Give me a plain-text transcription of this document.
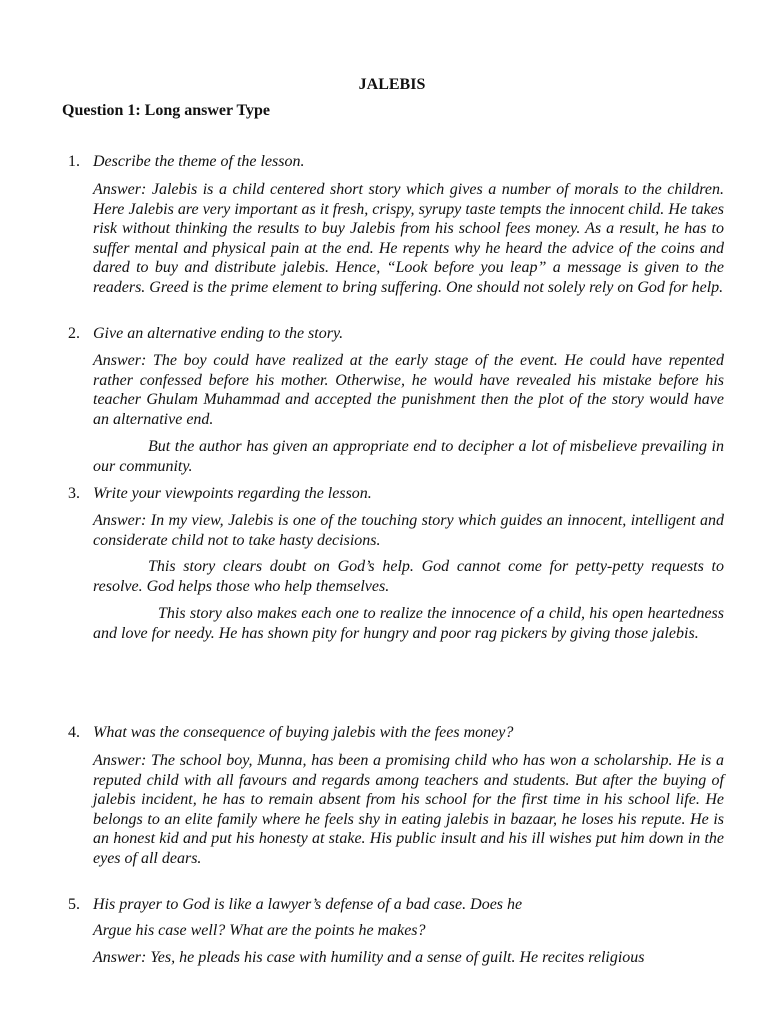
JALEBIS
Question 1: Long answer Type
1. Describe the theme of the lesson.

Answer: Jalebis is a child centered short story which gives a number of morals to the children. Here Jalebis are very important as it fresh, crispy, syrupy taste tempts the innocent child. He takes risk without thinking the results to buy Jalebis from his school fees money. As a result, he has to suffer mental and physical pain at the end. He repents why he heard the advice of the coins and dared to buy and distribute jalebis. Hence, “Look before you leap” a message is given to the readers. Greed is the prime element to bring suffering. One should not solely rely on God for help.

2. Give an alternative ending to the story.

Answer: The boy could have realized at the early stage of the event. He could have repented rather confessed before his mother. Otherwise, he would have revealed his mistake before his teacher Ghulam Muhammad and accepted the punishment then the plot of the story would have an alternative end.

But the author has given an appropriate end to decipher a lot of misbelieve prevailing in our community.

3. Write your viewpoints regarding the lesson.

Answer: In my view, Jalebis is one of the touching story which guides an innocent, intelligent and considerate child not to take hasty decisions.

This story clears doubt on God’s help. God cannot come for petty-petty requests to resolve. God helps those who help themselves.

This story also makes each one to realize the innocence of a child, his open heartedness and love for needy. He has shown pity for hungry and poor rag pickers by giving those jalebis.

4. What was the consequence of buying jalebis with the fees money?

Answer: The school boy, Munna, has been a promising child who has won a scholarship. He is a reputed child with all favours and regards among teachers and students. But after the buying of jalebis incident, he has to remain absent from his school for the first time in his school life. He belongs to an elite family where he feels shy in eating jalebis in bazaar, he loses his repute. He is an honest kid and put his honesty at stake. His public insult and his ill wishes put him down in the eyes of all dears.

5. His prayer to God is like a lawyer’s defense of a bad case. Does he
Argue his case well? What are the points he makes?

Answer: Yes, he pleads his case with humility and a sense of guilt. He recites religious
